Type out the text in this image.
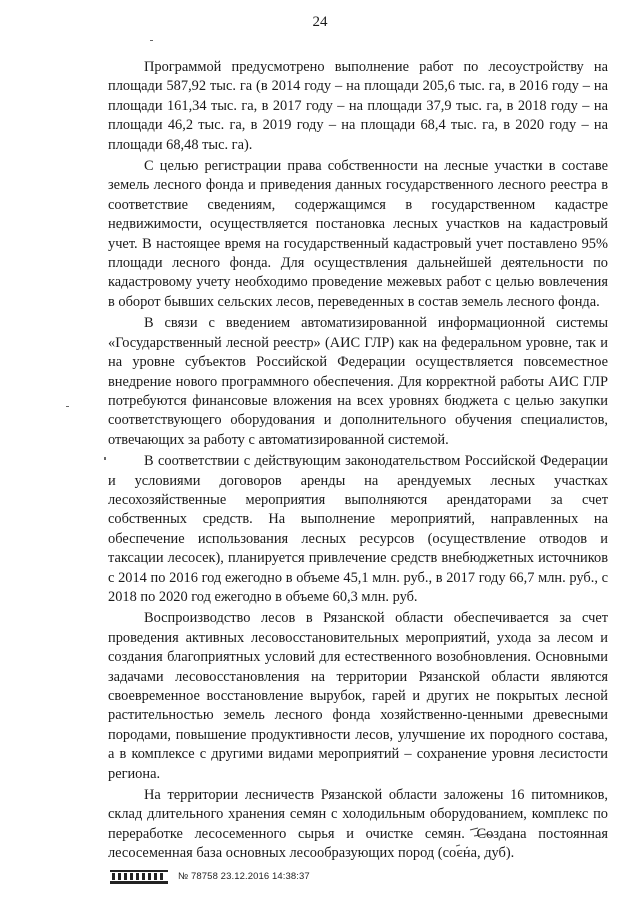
24

Программой предусмотрено выполнение работ по лесоустройству на площади 587,92 тыс. га (в 2014 году – на площади 205,6 тыс. га, в 2016 году – на площади 161,34 тыс. га, в 2017 году – на площади 37,9 тыс. га, в 2018 году – на площади 46,2 тыс. га, в 2019 году – на площади 68,4 тыс. га, в 2020 году – на площади 68,48 тыс. га).

С целью регистрации права собственности на лесные участки в составе земель лесного фонда и приведения данных государственного лесного реестра в соответствие сведениям, содержащимся в государственном кадастре недвижимости, осуществляется постановка лесных участков на кадастровый учет. В настоящее время на государственный кадастровый учет поставлено 95% площади лесного фонда. Для осуществления дальнейшей деятельности по кадастровому учету необходимо проведение межевых работ с целью вовлечения в оборот бывших сельских лесов, переведенных в состав земель лесного фонда.

В связи с введением автоматизированной информационной системы «Государственный лесной реестр» (АИС ГЛР) как на федеральном уровне, так и на уровне субъектов Российской Федерации осуществляется повсеместное внедрение нового программного обеспечения. Для корректной работы АИС ГЛР потребуются финансовые вложения на всех уровнях бюджета с целью закупки соответствующего оборудования и дополнительного обучения специалистов, отвечающих за работу с автоматизированной системой.

В соответствии с действующим законодательством Российской Федерации и условиями договоров аренды на арендуемых лесных участках лесохозяйственные мероприятия выполняются арендаторами за счет собственных средств. На выполнение мероприятий, направленных на обеспечение использования лесных ресурсов (осуществление отводов и таксации лесосек), планируется привлечение средств внебюджетных источников с 2014 по 2016 год ежегодно в объеме 45,1 млн. руб., в 2017 году 66,7 млн. руб., с 2018 по 2020 год ежегодно в объеме 60,3 млн. руб.

Воспроизводство лесов в Рязанской области обеспечивается за счет проведения активных лесовосстановительных мероприятий, ухода за лесом и создания благоприятных условий для естественного возобновления. Основными задачами лесовосстановления на территории Рязанской области являются своевременное восстановление вырубок, гарей и других не покрытых лесной растительностью земель лесного фонда хозяйственно-ценными древесными породами, повышение продуктивности лесов, улучшение их породного состава, а в комплексе с другими видами мероприятий – сохранение уровня лесистости региона.

На территории лесничеств Рязанской области заложены 16 питомников, склад длительного хранения семян с холодильным оборудованием, комплекс по переработке лесосеменного сырья и очистке семян. Создана постоянная лесосеменная база основных лесообразующих пород (сосна, дуб).

№ 78758 23.12.2016 14:38:37
